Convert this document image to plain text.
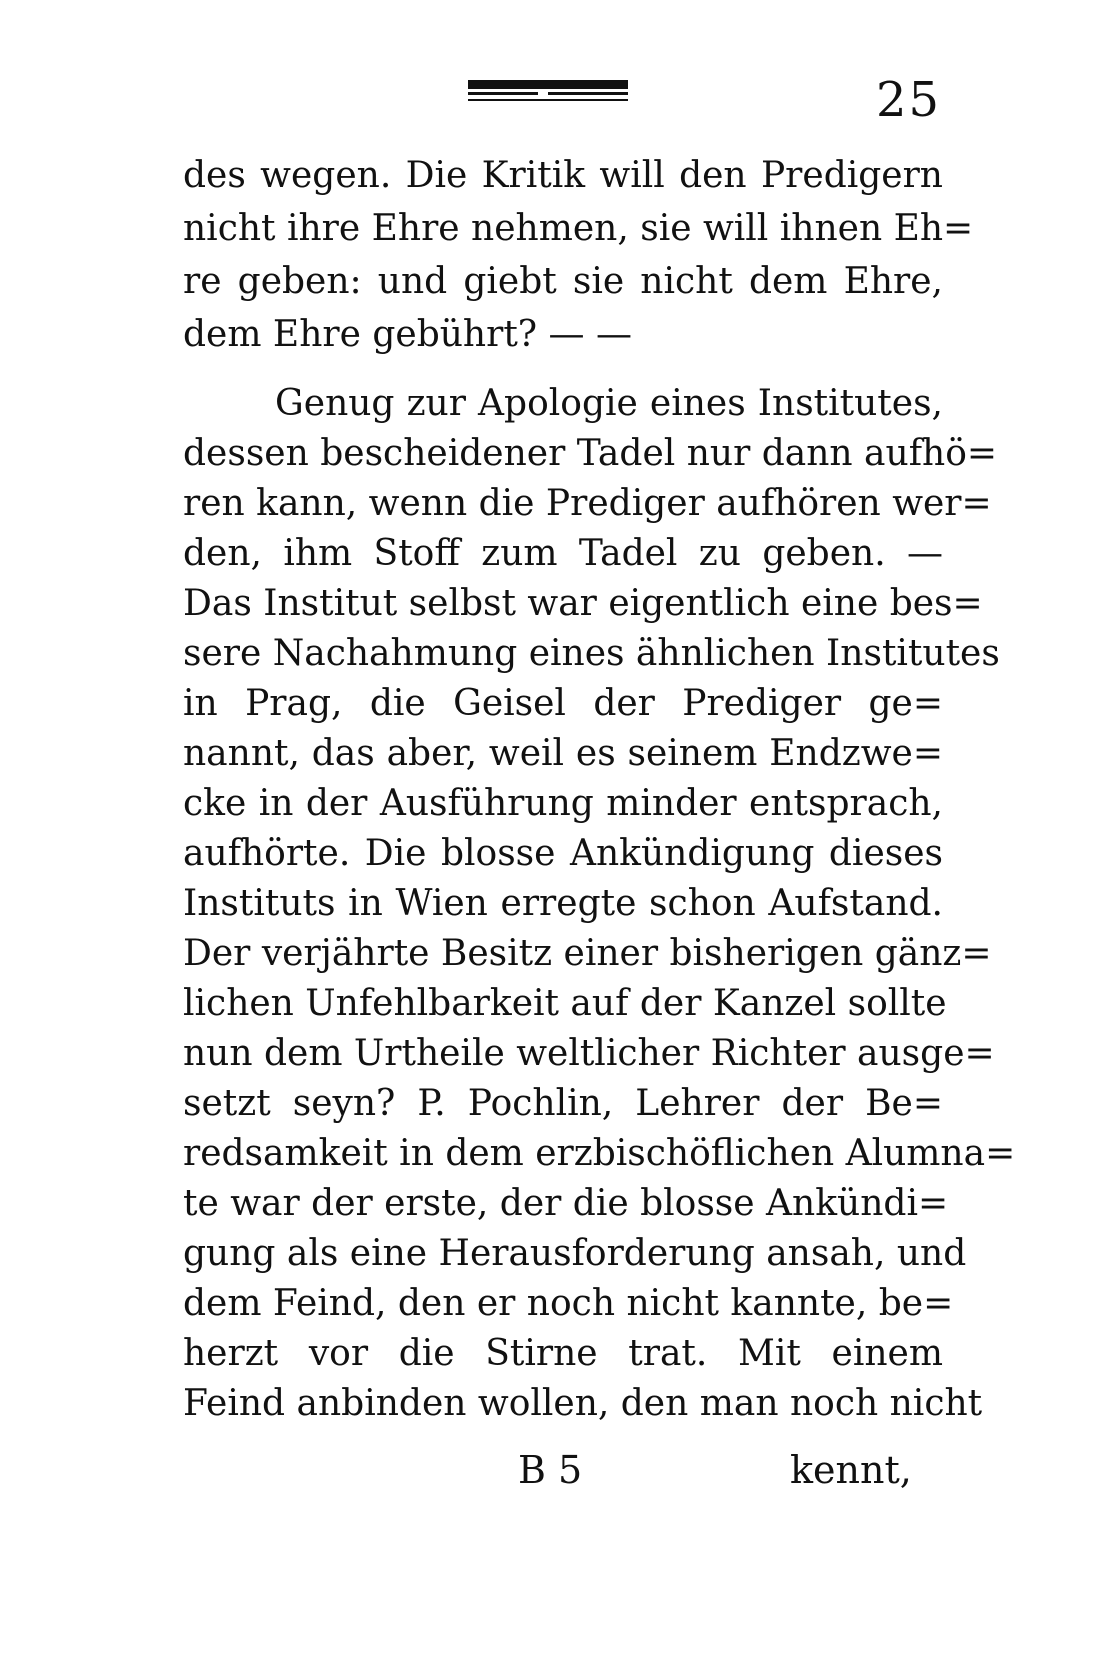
25
des wegen. Die Kritik will den Predigern
nicht ihre Ehre nehmen, sie will ihnen Eh=
re geben: und giebt sie nicht dem Ehre,
dem Ehre gebührt? — —
Genug zur Apologie eines Institutes,
dessen bescheidener Tadel nur dann aufhö=
ren kann, wenn die Prediger aufhören wer=
den, ihm Stoff zum Tadel zu geben. —
Das Institut selbst war eigentlich eine bes=
sere Nachahmung eines ähnlichen Institutes
in Prag, die Geisel der Prediger ge=
nannt, das aber, weil es seinem Endzwe=
cke in der Ausführung minder entsprach,
aufhörte. Die blosse Ankündigung dieses
Instituts in Wien erregte schon Aufstand.
Der verjährte Besitz einer bisherigen gänz=
lichen Unfehlbarkeit auf der Kanzel sollte
nun dem Urtheile weltlicher Richter ausge=
setzt seyn? P. Pochlin, Lehrer der Be=
redsamkeit in dem erzbischöflichen Alumna=
te war der erste, der die blosse Ankündi=
gung als eine Herausforderung ansah, und
dem Feind, den er noch nicht kannte, be=
herzt vor die Stirne trat. Mit einem
Feind anbinden wollen, den man noch nicht
B 5	kennt,
